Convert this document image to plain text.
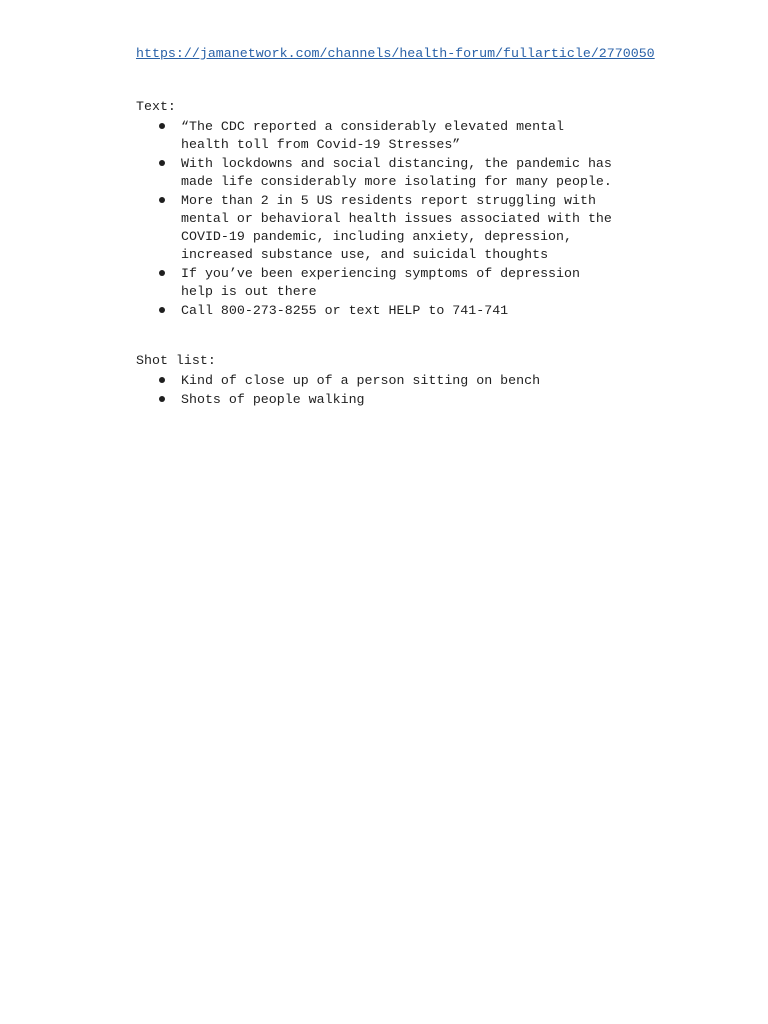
https://jamanetwork.com/channels/health-forum/fullarticle/2770050

Text:

“The CDC reported a considerably elevated mental
health toll from Covid-19 Stresses”
With lockdowns and social distancing, the pandemic has
made life considerably more isolating for many people.
More than 2 in 5 US residents report struggling with
mental or behavioral health issues associated with the
COVID-19 pandemic, including anxiety, depression,
increased substance use, and suicidal thoughts
If you’ve been experiencing symptoms of depression
help is out there
Call 800-273-8255 or text HELP to 741-741

Shot list:

Kind of close up of a person sitting on bench
Shots of people walking
